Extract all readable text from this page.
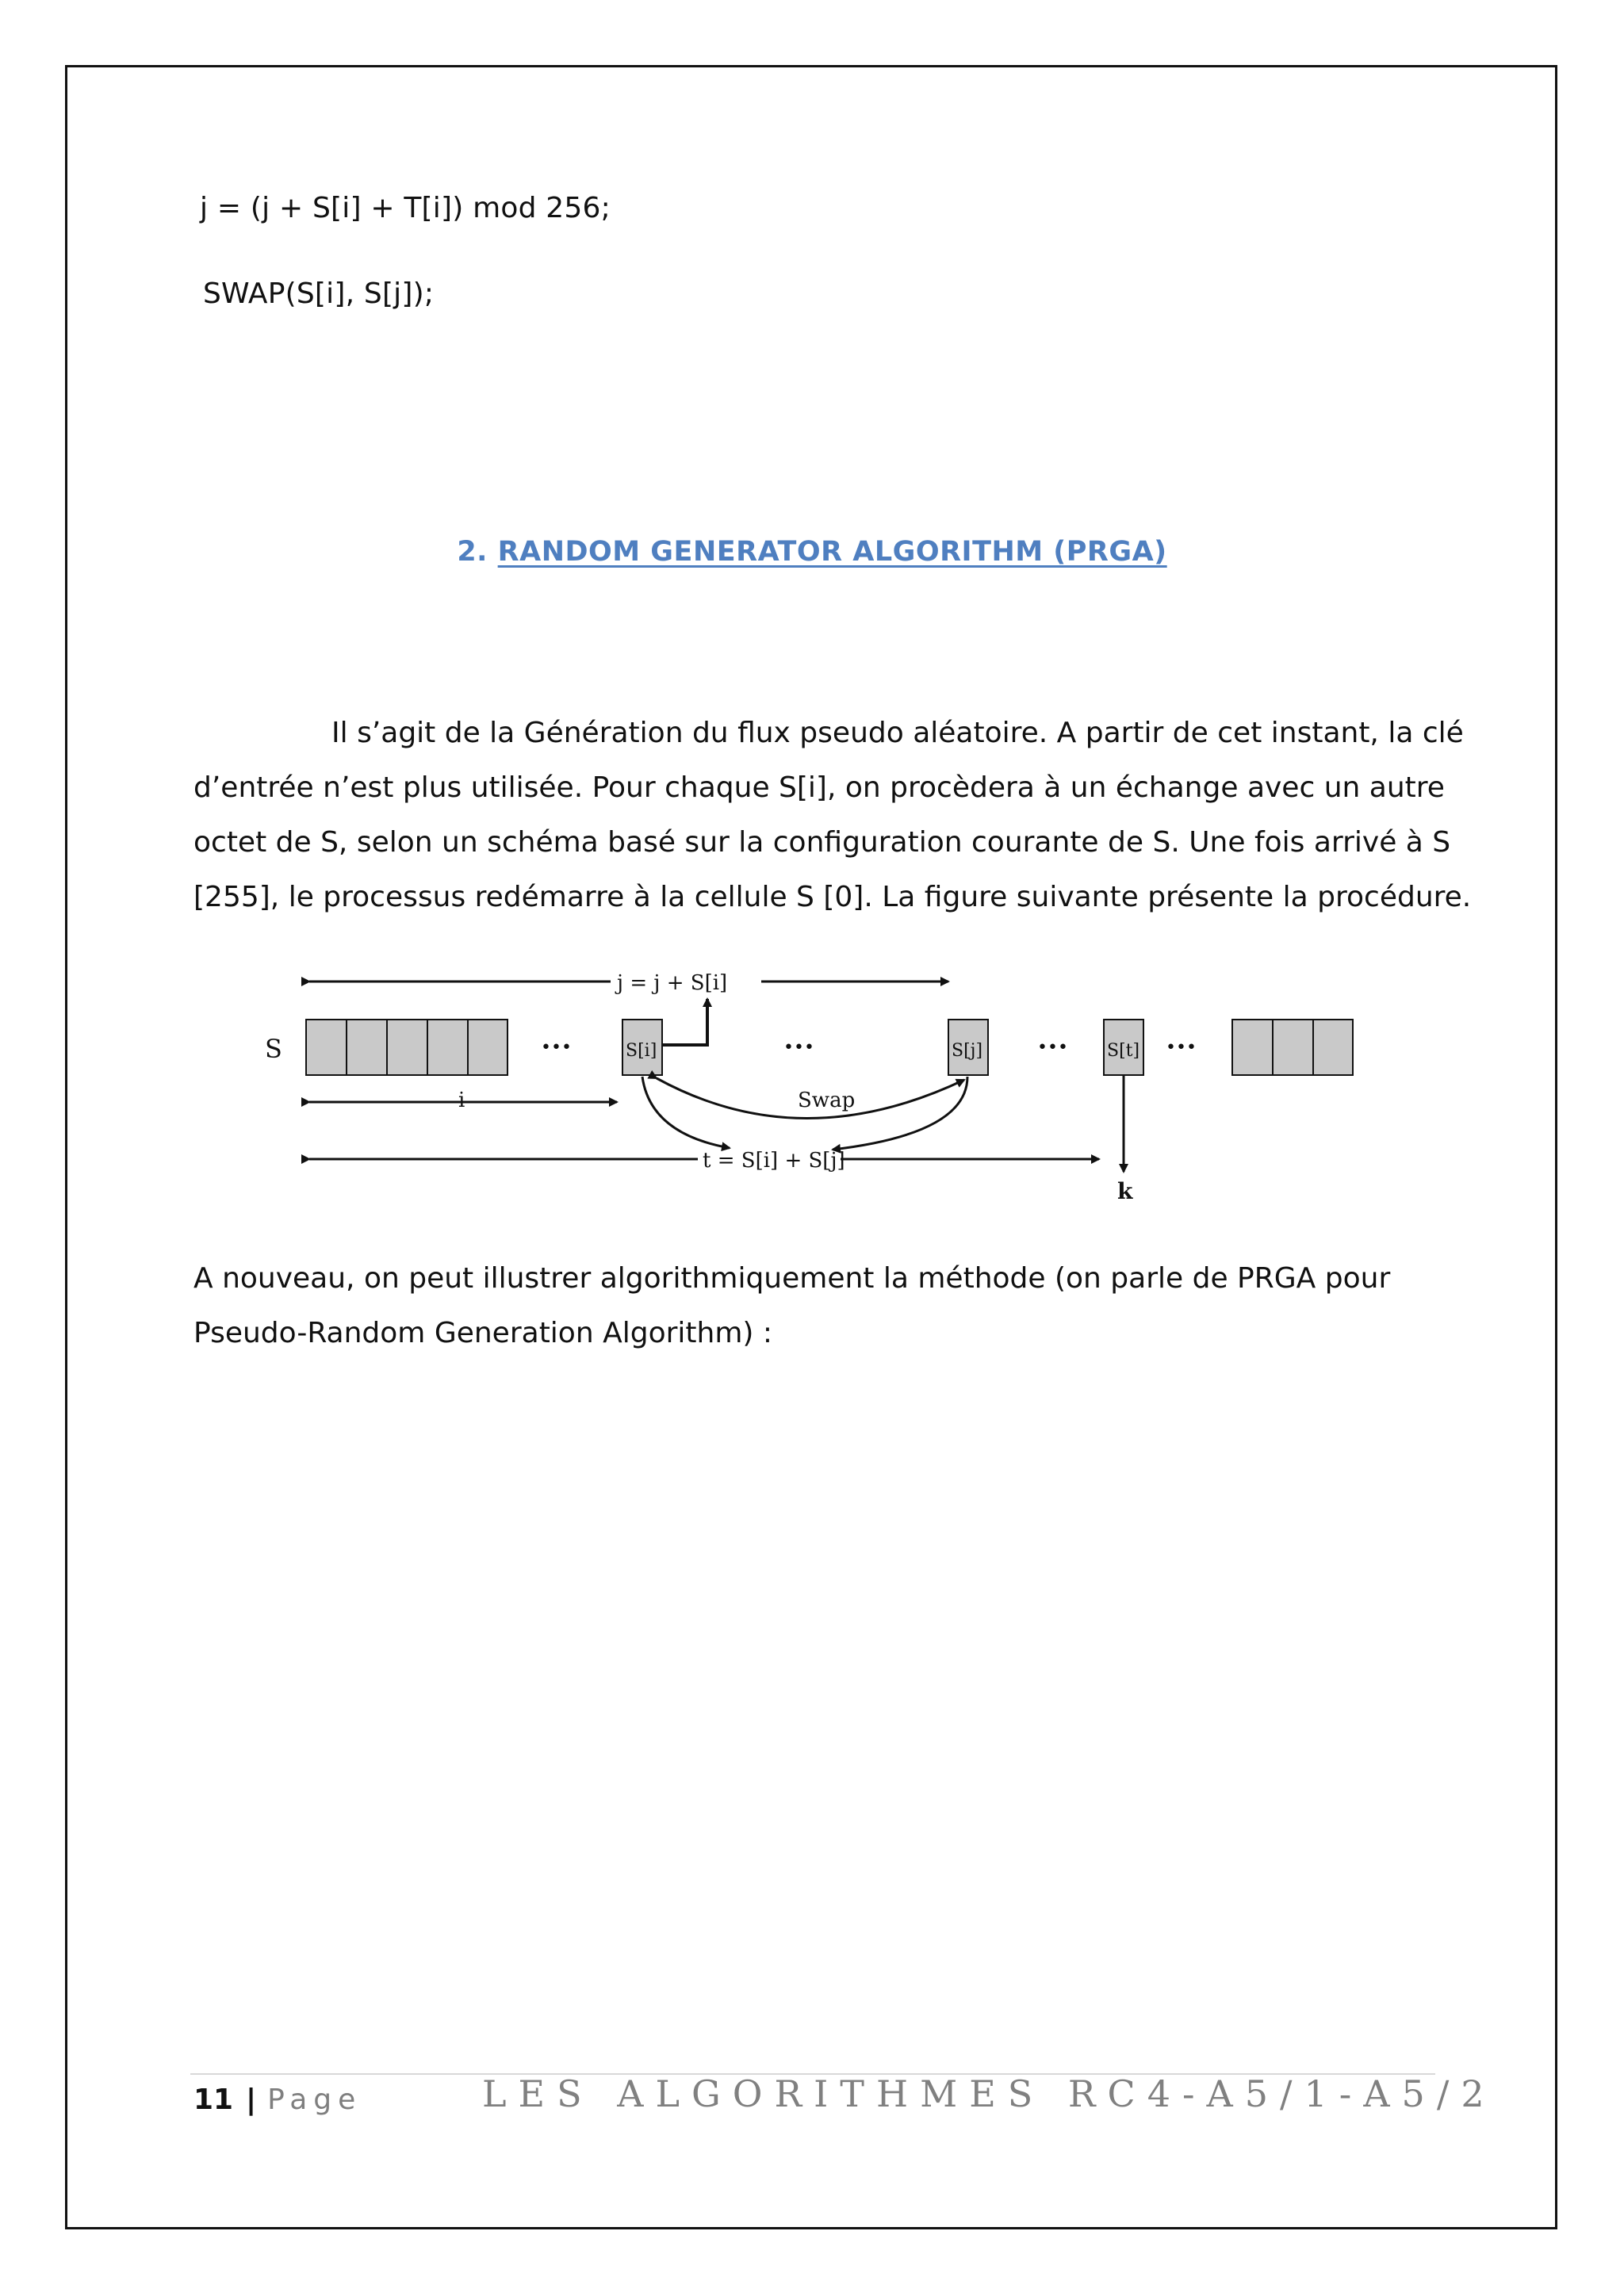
j = (j + S[i] + T[i]) mod 256;
SWAP(S[i], S[j]);
2. RANDOM GENERATOR ALGORITHM (PRGA)
Il s’agit de la Génération du flux pseudo aléatoire. A partir de cet instant, la clé
d’entrée n’est plus utilisée. Pour chaque S[i], on procèdera à un échange avec un autre
octet de S, selon un schéma basé sur la configuration courante de S. Une fois arrivé à S
[255], le processus redémarre à la cellule S [0]. La figure suivante présente la procédure.
S	•••	S[i]	•••	S[j]	••• S[t] •••
j = j + S[i]
i	Swap
t = S[i] + S[j]
k
A nouveau, on peut illustrer algorithmiquement la méthode (on parle de PRGA pour
Pseudo-Random Generation Algorithm) :
11 | Page	LES ALGORITHMES RC4-A5/1-A5/2
